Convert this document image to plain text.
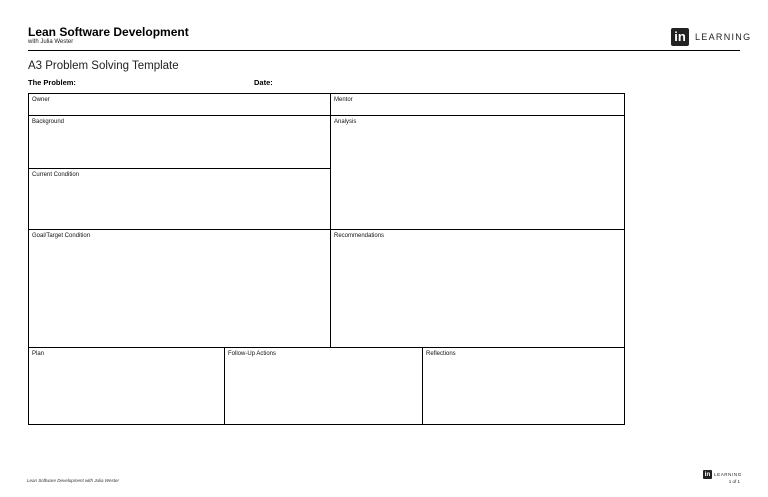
Lean Software Development
with Julia Wester	in	LEARNING
A3 Problem Solving Template
The Problem:	Date:
Owner	Mentor
Background	Analysis
Current Condition
Goal/Target Condition	Recommendations
Plan	Follow-Up Actions	Reflections
Lean Software Development with Julia Wester
in LEARNING
1 of 1
